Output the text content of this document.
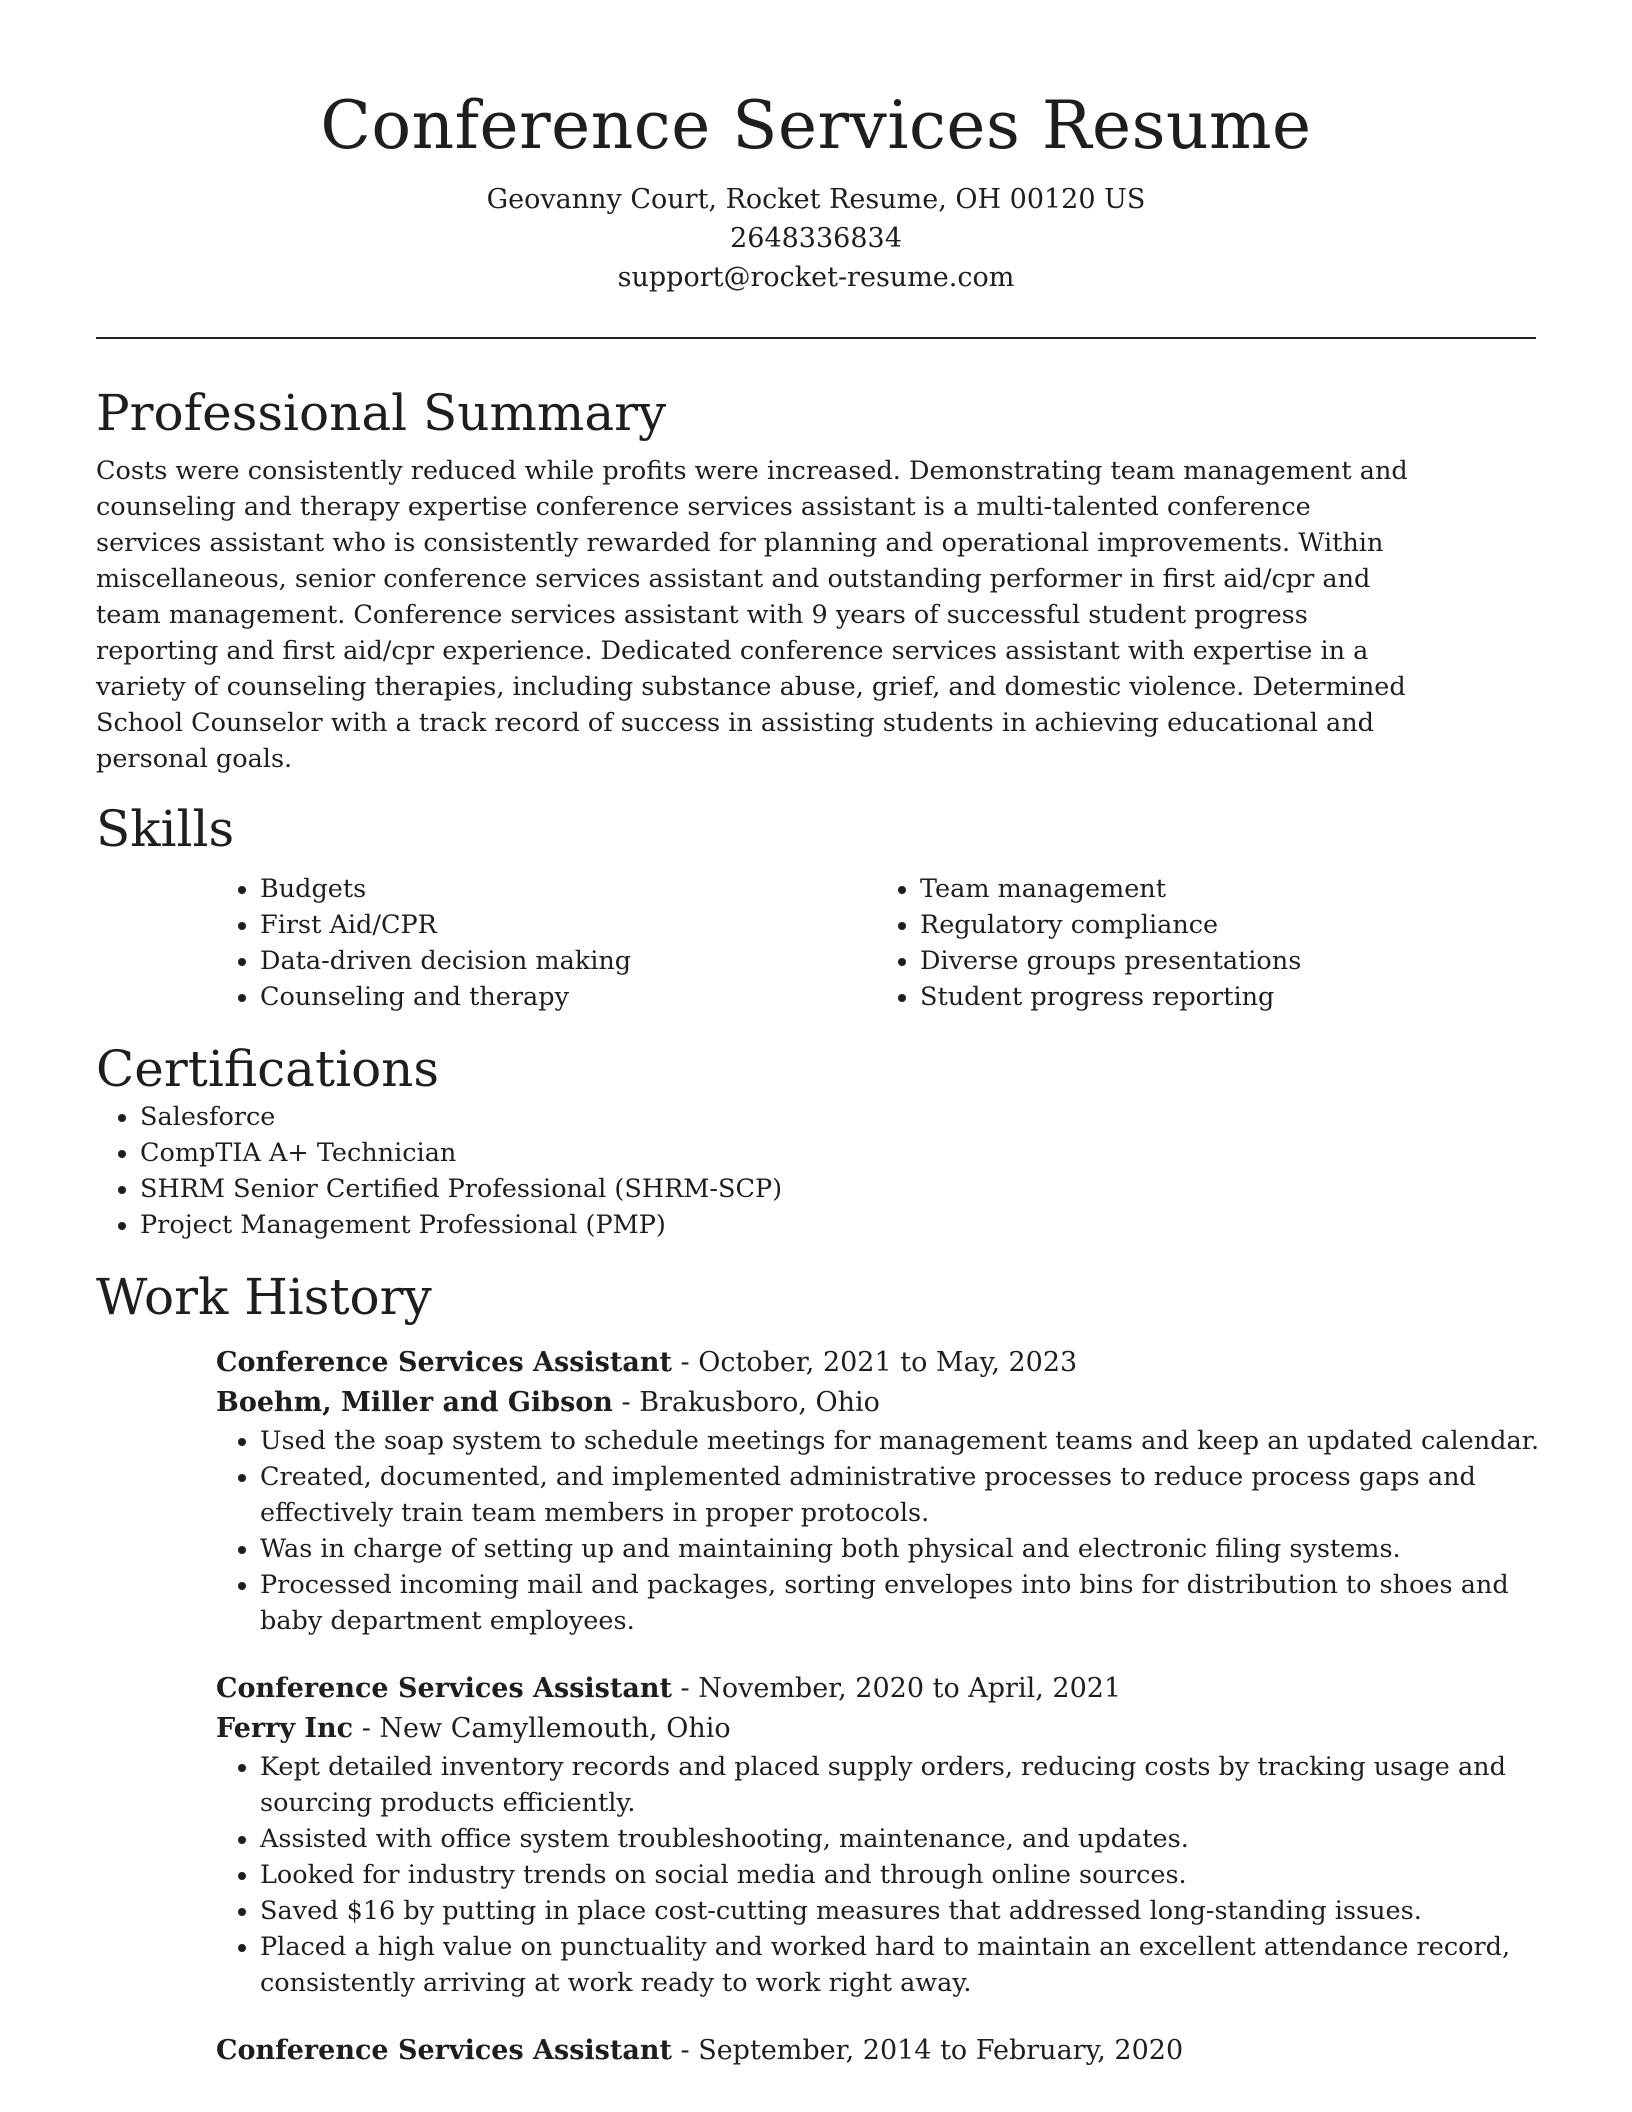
Conference Services Resume

Geovanny Court, Rocket Resume, OH 00120 US

2648336834

support@rocket-resume.com

Professional Summary

Costs were consistently reduced while profits were increased. Demonstrating team management and counseling and therapy expertise conference services assistant is a multi-talented conference services assistant who is consistently rewarded for planning and operational improvements. Within miscellaneous, senior conference services assistant and outstanding performer in first aid/cpr and team management. Conference services assistant with 9 years of successful student progress reporting and first aid/cpr experience. Dedicated conference services assistant with expertise in a variety of counseling therapies, including substance abuse, grief, and domestic violence. Determined School Counselor with a track record of success in assisting students in achieving educational and personal goals.

Skills
• Budgets
• First Aid/CPR
• Data-driven decision making
• Counseling and therapy
• Team management
• Regulatory compliance
• Diverse groups presentations
• Student progress reporting
Certifications
• Salesforce
• CompTIA A+ Technician
• SHRM Senior Certified Professional (SHRM-SCP)
• Project Management Professional (PMP)
Work History

Conference Services Assistant - October, 2021 to May, 2023

Boehm, Miller and Gibson - Brakusboro, Ohio

• Used the soap system to schedule meetings for management teams and keep an updated calendar.
• Created, documented, and implemented administrative processes to reduce process gaps and effectively train team members in proper protocols.
• Was in charge of setting up and maintaining both physical and electronic filing systems.
• Processed incoming mail and packages, sorting envelopes into bins for distribution to shoes and baby department employees.

Conference Services Assistant - November, 2020 to April, 2021

Ferry Inc - New Camyllemouth, Ohio

• Kept detailed inventory records and placed supply orders, reducing costs by tracking usage and sourcing products efficiently.
• Assisted with office system troubleshooting, maintenance, and updates.
• Looked for industry trends on social media and through online sources.
• Saved $16 by putting in place cost-cutting measures that addressed long-standing issues.
• Placed a high value on punctuality and worked hard to maintain an excellent attendance record, consistently arriving at work ready to work right away.

Conference Services Assistant - September, 2014 to February, 2020
